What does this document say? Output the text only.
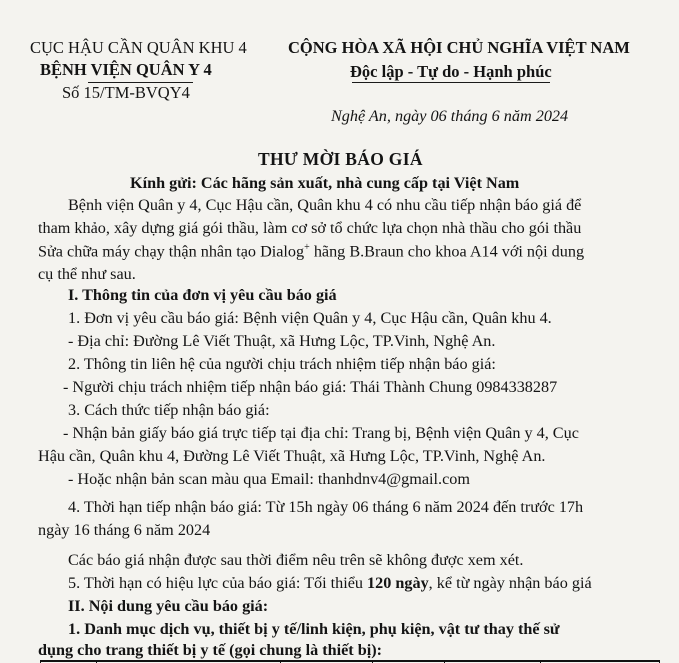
CỤC HẬU CẦN QUÂN KHU 4
BỆNH VIỆN QUÂN Y 4
Số 15/TM-BVQY4
CỘNG HÒA XÃ HỘI CHỦ NGHĨA VIỆT NAM
Độc lập - Tự do - Hạnh phúc
Nghệ An, ngày 06 tháng 6 năm 2024
THƯ MỜI BÁO GIÁ
Kính gửi: Các hãng sản xuất, nhà cung cấp tại Việt Nam
Bệnh viện Quân y 4, Cục Hậu cần, Quân khu 4 có nhu cầu tiếp nhận báo giá để
tham khảo, xây dựng giá gói thầu, làm cơ sở tổ chức lựa chọn nhà thầu cho gói thầu
Sửa chữa máy chạy thận nhân tạo Dialog+ hãng B.Braun cho khoa A14 với nội dung
cụ thể như sau.
I. Thông tin của đơn vị yêu cầu báo giá
1. Đơn vị yêu cầu báo giá: Bệnh viện Quân y 4, Cục Hậu cần, Quân khu 4.
- Địa chỉ: Đường Lê Viết Thuật, xã Hưng Lộc, TP.Vinh, Nghệ An.
2. Thông tin liên hệ của người chịu trách nhiệm tiếp nhận báo giá:
- Người chịu trách nhiệm tiếp nhận báo giá: Thái Thành Chung 0984338287
3. Cách thức tiếp nhận báo giá:
- Nhận bản giấy báo giá trực tiếp tại địa chỉ: Trang bị, Bệnh viện Quân y 4, Cục
Hậu cần, Quân khu 4, Đường Lê Viết Thuật, xã Hưng Lộc, TP.Vinh, Nghệ An.
- Hoặc nhận bản scan màu qua Email: thanhdnv4@gmail.com
4. Thời hạn tiếp nhận báo giá: Từ 15h ngày 06 tháng 6 năm 2024 đến trước 17h
ngày 16 tháng 6 năm 2024
Các báo giá nhận được sau thời điểm nêu trên sẽ không được xem xét.
5. Thời hạn có hiệu lực của báo giá: Tối thiểu 120 ngày, kể từ ngày nhận báo giá
II. Nội dung yêu cầu báo giá:
1. Danh mục dịch vụ, thiết bị y tế/linh kiện, phụ kiện, vật tư thay thế sử
dụng cho trang thiết bị y tế (gọi chung là thiết bị):
